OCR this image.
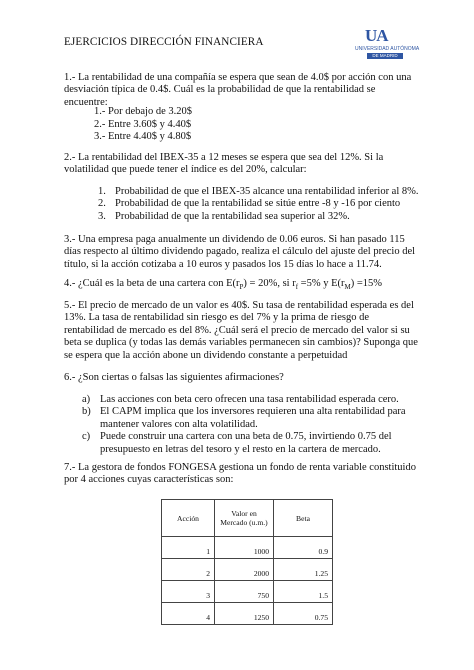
EJERCICIOS DIRECCIÓN FINANCIERA	UA
UNIVERSIDAD AUTÓNOMA
DE MADRID

1.- La rentabilidad de una compañía se espera que sean de 4.0$ por acción con una desviación típica de 0.4$. Cuál es la probabilidad de que la rentabilidad se encuentre:

1.- Por debajo de 3.20$
2.- Entre 3.60$ y 4.40$
3.- Entre 4.40$ y 4.80$

2.- La rentabilidad del IBEX-35 a 12 meses se espera que sea del 12%. Si la volatilidad que puede tener el índice es del 20%, calcular:

1. Probabilidad de que el IBEX-35 alcance una rentabilidad inferior al 8%.
2. Probabilidad de que la rentabilidad se sitúe entre -8 y -16 por ciento
3. Probabilidad de que la rentabilidad sea superior al 32%.

3.- Una empresa paga anualmente un dividendo de 0.06 euros. Si han pasado 115 días respecto al último dividendo pagado, realiza el cálculo del ajuste del precio del título, si la acción cotizaba a 10 euros y pasados los 15 días lo hace a 11.74.

4.- ¿Cuál es la beta de una cartera con $E(r_P) = 20\%$, si $r_f =5\%$ y $E(r_M) =15\%$

5.- El precio de mercado de un valor es 40$. Su tasa de rentabilidad esperada es del 13%. La tasa de rentabilidad sin riesgo es del 7% y la prima de riesgo de rentabilidad de mercado es del 8%. ¿Cuál será el precio de mercado del valor si su beta se duplica (y todas las demás variables permanecen sin cambios)? Suponga que se espera que la acción abone un dividendo constante a perpetuidad

6.- ¿Son ciertas o falsas las siguientes afirmaciones?

a) Las acciones con beta cero ofrecen una tasa rentabilidad esperada cero.
b) El CAPM implica que los inversores requieren una alta rentabilidad para mantener valores con alta volatilidad.
c) Puede construir una cartera con una beta de 0.75, invirtiendo 0.75 del presupuesto en letras del tesoro y el resto en la cartera de mercado.

7.- La gestora de fondos FONGESA gestiona un fondo de renta variable constituido por 4 acciones cuyas características son:

Acción	Valor en Mercado (u.m.)	Beta
1	1000	0.9
2	2000	1.25
3	750	1.5
4	1250	0.75
